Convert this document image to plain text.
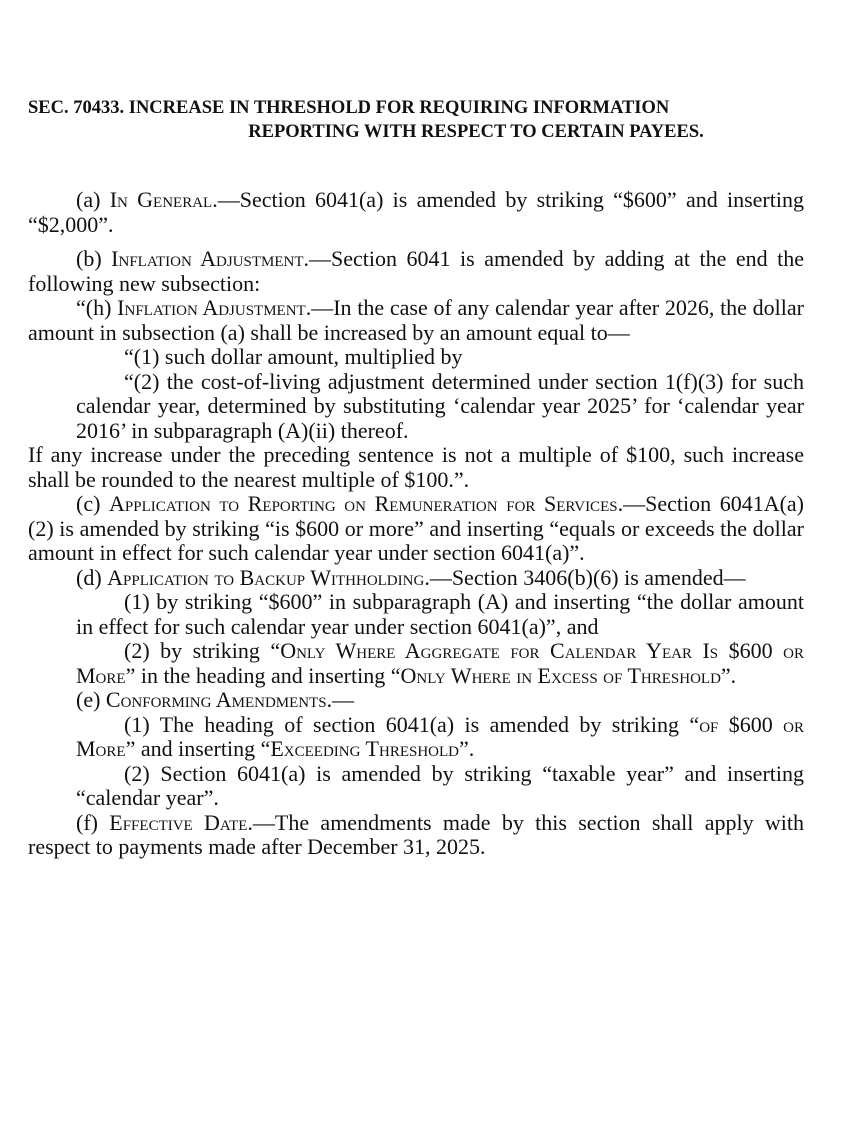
SEC. 70433. INCREASE IN THRESHOLD FOR REQUIRING INFORMATION
REPORTING WITH RESPECT TO CERTAIN PAYEES.

(a) In General.—Section 6041(a) is amended by striking “$600” and inserting “$2,000”.

(b) Inflation Adjustment.—Section 6041 is amended by adding at the end the following new subsection:

“(h) Inflation Adjustment.—In the case of any calendar year after 2026, the dollar amount in subsection (a) shall be increased by an amount equal to—

“(1) such dollar amount, multiplied by

“(2) the cost-of-living adjustment determined under section 1(f)(3) for such calendar year, determined by substituting ‘calendar year 2025’ for ‘calendar year 2016’ in subparagraph (A)(ii) thereof.

If any increase under the preceding sentence is not a multiple of $100, such increase shall be rounded to the nearest multiple of $100.”.

(c) Application to Reporting on Remuneration for Services.—Section 6041A(a)(2) is amended by striking “is $600 or more” and inserting “equals or exceeds the dollar amount in effect for such calendar year under section 6041(a)”.

(d) Application to Backup Withholding.—Section 3406(b)(6) is amended—

(1) by striking “$600” in subparagraph (A) and inserting “the dollar amount in effect for such calendar year under section 6041(a)”, and

(2) by striking “Only Where Aggregate for Calendar Year Is $600 or More” in the heading and inserting “Only Where in Excess of Threshold”.

(e) Conforming Amendments.—

(1) The heading of section 6041(a) is amended by striking “of $600 or More” and inserting “Exceeding Threshold”.

(2) Section 6041(a) is amended by striking “taxable year” and inserting “calendar year”.

(f) Effective Date.—The amendments made by this section shall apply with respect to payments made after December 31, 2025.
